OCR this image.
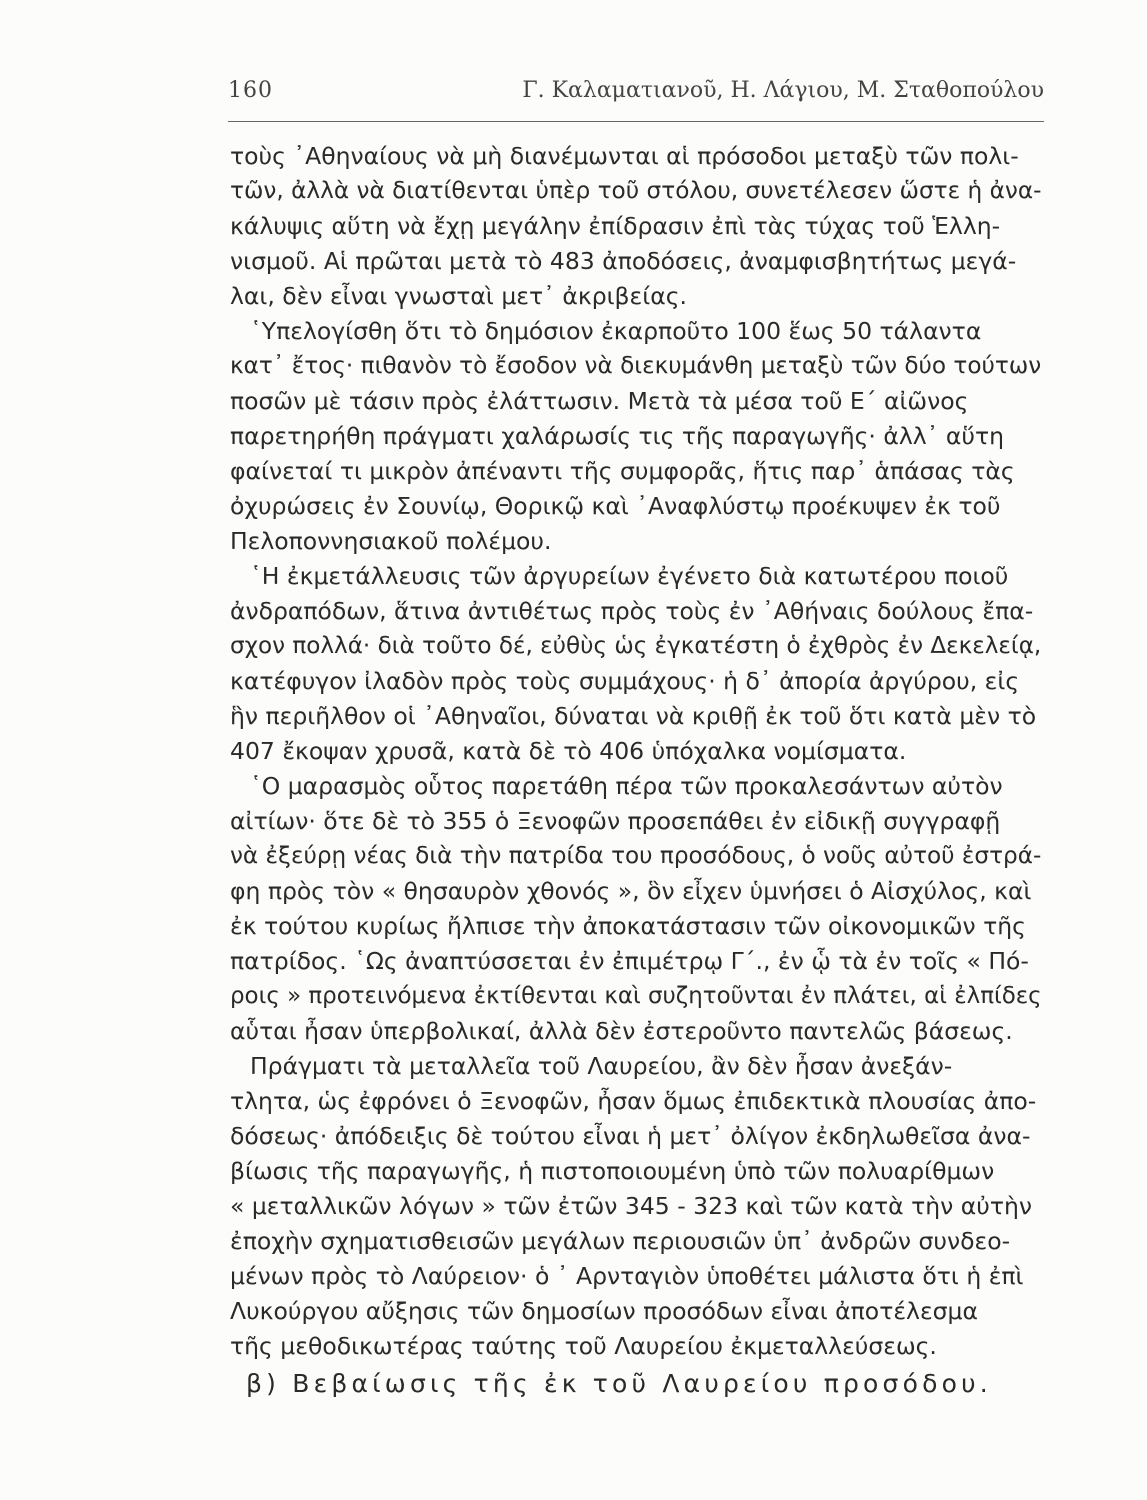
160	Γ. Καλαματιανοῦ, Η. Λάγιου, Μ. Σταθοπούλου
τοὺς ᾿Αθηναίους νὰ μὴ διανέμωνται αἱ πρόσοδοι μεταξὺ τῶν πολι-
τῶν, ἀλλὰ νὰ διατίθενται ὑπὲρ τοῦ στόλου, συνετέλεσεν ὥστε ἡ ἀνα-
κάλυψις αὕτη νὰ ἔχῃ μεγάλην ἐπίδρασιν ἐπὶ τὰς τύχας τοῦ Ἑλλη-
νισμοῦ. Αἱ πρῶται μετὰ τὸ 483 ἀποδόσεις, ἀναμφισβητήτως μεγά-
λαι, δὲν εἶναι γνωσταὶ μετ᾿ ἀκριβείας.
῾Υπελογίσθη ὅτι τὸ δημόσιον ἐκαρποῦτο 100 ἕως 50 τάλαντα
κατ᾿ ἔτος· πιθανὸν τὸ ἔσοδον νὰ διεκυμάνθη μεταξὺ τῶν δύο τούτων
ποσῶν μὲ τάσιν πρὸς ἐλάττωσιν. Μετὰ τὰ μέσα τοῦ Ε΄ αἰῶνος
παρετηρήθη πράγματι χαλάρωσίς τις τῆς παραγωγῆς· ἀλλ᾿ αὕτη
φαίνεταί τι μικρὸν ἀπέναντι τῆς συμφορᾶς, ἥτις παρ᾿ ἁπάσας τὰς
ὀχυρώσεις ἐν Σουνίῳ, Θορικῷ καὶ ᾿Αναφλύστῳ προέκυψεν ἐκ τοῦ
Πελοποννησιακοῦ πολέμου.
῾Η ἐκμετάλλευσις τῶν ἀργυρείων ἐγένετο διὰ κατωτέρου ποιοῦ
ἀνδραπόδων, ἅτινα ἀντιθέτως πρὸς τοὺς ἐν ᾿Αθήναις δούλους ἔπα-
σχον πολλά· διὰ τοῦτο δέ, εὐθὺς ὡς ἐγκατέστη ὁ ἐχθρὸς ἐν Δεκελείᾳ,
κατέφυγον ἰλαδὸν πρὸς τοὺς συμμάχους· ἡ δ᾿ ἀπορία ἀργύρου, εἰς
ἣν περιῆλθον οἱ ᾿Αθηναῖοι, δύναται νὰ κριθῇ ἐκ τοῦ ὅτι κατὰ μὲν τὸ
407 ἔκοψαν χρυσᾶ, κατὰ δὲ τὸ 406 ὑπόχαλκα νομίσματα.
῾Ο μαρασμὸς οὗτος παρετάθη πέρα τῶν προκαλεσάντων αὐτὸν
αἰτίων· ὅτε δὲ τὸ 355 ὁ Ξενοφῶν προσεπάθει ἐν εἰδικῇ συγγραφῇ
νὰ ἐξεύρῃ νέας διὰ τὴν πατρίδα του προσόδους, ὁ νοῦς αὐτοῦ ἐστρά-
φη πρὸς τὸν « θησαυρὸν χθονός », ὃν εἶχεν ὑμνήσει ὁ Αἰσχύλος, καὶ
ἐκ τούτου κυρίως ἤλπισε τὴν ἀποκατάστασιν τῶν οἰκονομικῶν τῆς
πατρίδος. ῾Ως ἀναπτύσσεται ἐν ἐπιμέτρῳ Γ΄., ἐν ᾧ τὰ ἐν τοῖς « Πό-
ροις » προτεινόμενα ἐκτίθενται καὶ συζητοῦνται ἐν πλάτει, αἱ ἐλπίδες
αὗται ἦσαν ὑπερβολικαί, ἀλλὰ δὲν ἐστεροῦντο παντελῶς βάσεως.
Πράγματι τὰ μεταλλεῖα τοῦ Λαυρείου, ἂν δὲν ἦσαν ἀνεξάν-
τλητα, ὡς ἐφρόνει ὁ Ξενοφῶν, ἦσαν ὅμως ἐπιδεκτικὰ πλουσίας ἀπο-
δόσεως· ἀπόδειξις δὲ τούτου εἶναι ἡ μετ᾿ ὀλίγον ἐκδηλωθεῖσα ἀνα-
βίωσις τῆς παραγωγῆς, ἡ πιστοποιουμένη ὑπὸ τῶν πολυαρίθμων
« μεταλλικῶν λόγων » τῶν ἐτῶν 345 - 323 καὶ τῶν κατὰ τὴν αὐτὴν
ἐποχὴν σχηματισθεισῶν μεγάλων περιουσιῶν ὑπ᾿ ἀνδρῶν συνδεο-
μένων πρὸς τὸ Λαύρειον· ὁ ᾿ Αρνταγιὸν ὑποθέτει μάλιστα ὅτι ἡ ἐπὶ
Λυκούργου αὔξησις τῶν δημοσίων προσόδων εἶναι ἀποτέλεσμα
τῆς μεθοδικωτέρας ταύτης τοῦ Λαυρείου ἐκμεταλλεύσεως.
β) Βεβαίωσις τῆς ἐκ τοῦ Λαυρείου προσόδου.
